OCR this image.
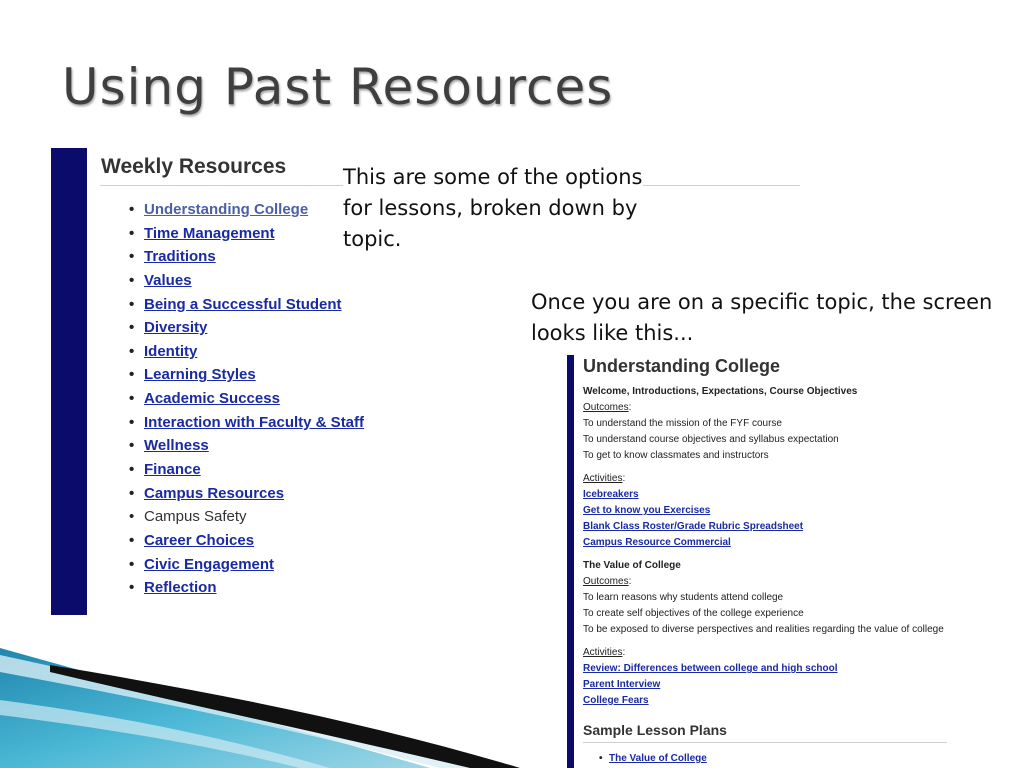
Using Past Resources
Weekly Resources
• Understanding College
• Time Management
• Traditions
• Values
• Being a Successful Student
• Diversity
• Identity
• Learning Styles
• Academic Success
• Interaction with Faculty & Staff
• Wellness
• Finance
• Campus Resources
• Campus Safety
• Career Choices
• Civic Engagement
• Reflection

This are some of the options for lessons, broken down by topic.

Once you are on a specific topic, the screen looks like this...

Understanding College
Welcome, Introductions, Expectations, Course Objectives
Outcomes:
To understand the mission of the FYF course
To understand course objectives and syllabus expectation
To get to know classmates and instructors
Activities:
Icebreakers
Get to know you Exercises
Blank Class Roster/Grade Rubric Spreadsheet
Campus Resource Commercial
The Value of College
Outcomes:
To learn reasons why students attend college
To create self objectives of the college experience
To be exposed to diverse perspectives and realities regarding the value of college
Activities:
Review: Differences between college and high school
Parent Interview
College Fears
Sample Lesson Plans
• The Value of College
